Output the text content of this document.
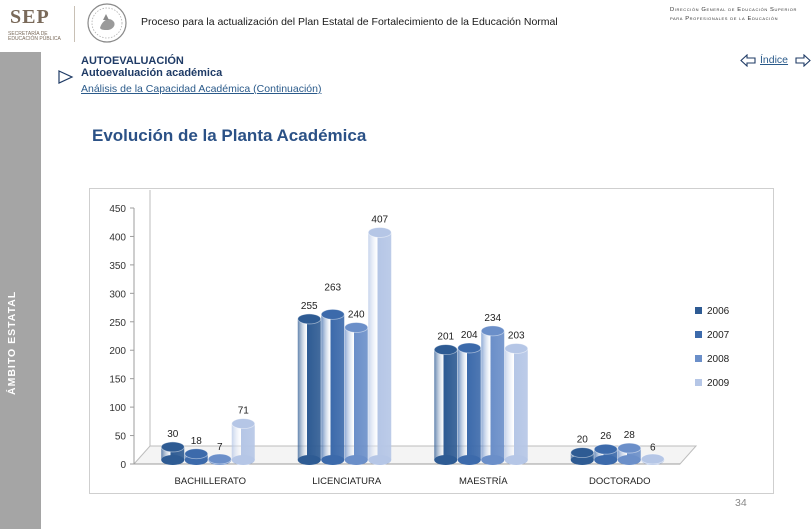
SEP
SECRETARÍA DE EDUCACIÓN PÚBLICA
Proceso para la actualización del Plan Estatal de Fortalecimiento de la Educación Normal
Dirección General de Educación Superior para Profesionales de la Educación
ÁMBITO ESTATAL
AUTOEVALUACIÓN
Autoevaluación académica
Análisis de la Capacidad Académica (Continuación)
Índice
Evolución de la Planta Académica
0
50
100
150
200
250
300
350
400
450
30
18
7
71
BACHILLERATO
255
263
240
407
LICENCIATURA
201 204
234
203
MAESTRÍA
20 26 28
6
DOCTORADO
2006
2007
2008
2009
34
